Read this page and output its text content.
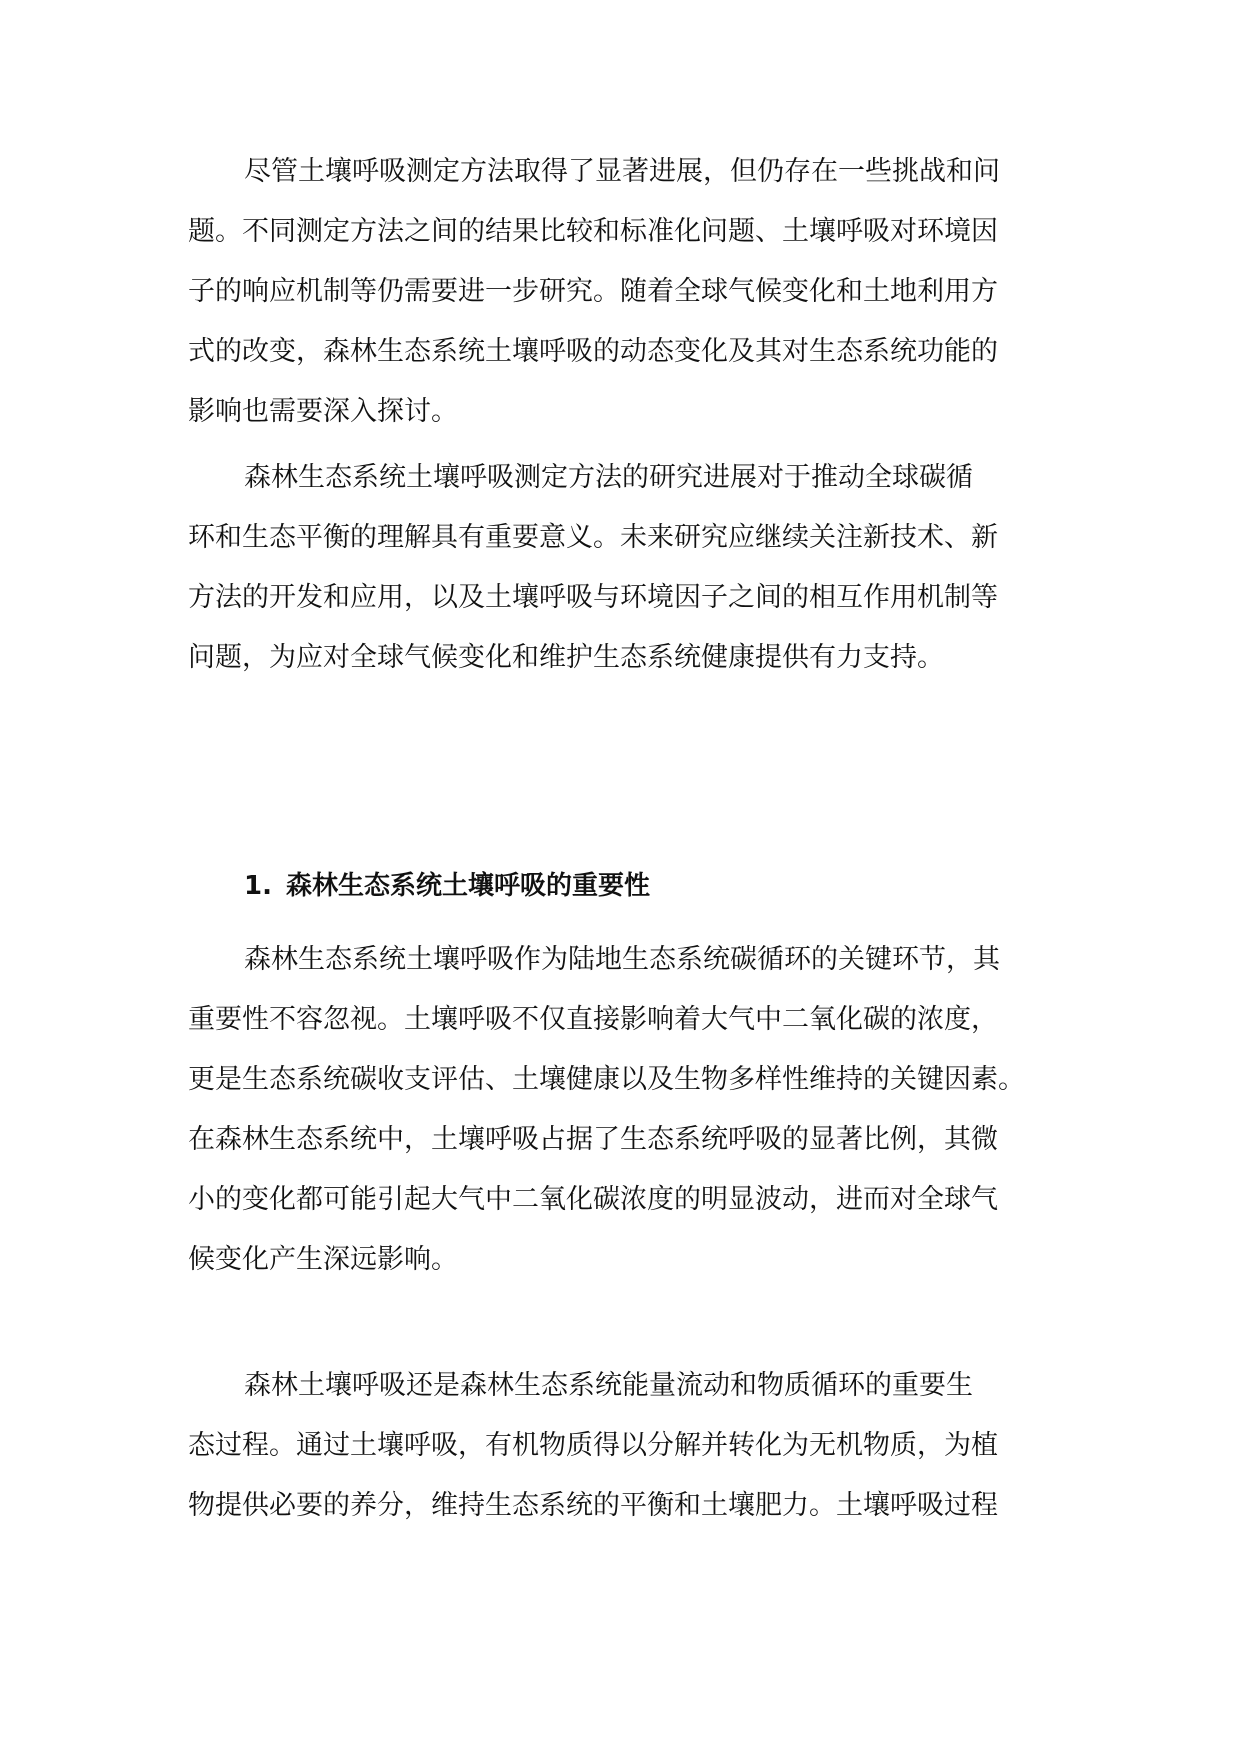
尽管土壤呼吸测定方法取得了显著进展，但仍存在一些挑战和问
题。不同测定方法之间的结果比较和标准化问题、土壤呼吸对环境因
子的响应机制等仍需要进一步研究。随着全球气候变化和土地利用方
式的改变，森林生态系统土壤呼吸的动态变化及其对生态系统功能的
影响也需要深入探讨。
森林生态系统土壤呼吸测定方法的研究进展对于推动全球碳循
环和生态平衡的理解具有重要意义。未来研究应继续关注新技术、新
方法的开发和应用，以及土壤呼吸与环境因子之间的相互作用机制等
问题，为应对全球气候变化和维护生态系统健康提供有力支持。
1. 森林生态系统土壤呼吸的重要性
森林生态系统土壤呼吸作为陆地生态系统碳循环的关键环节，其
重要性不容忽视。土壤呼吸不仅直接影响着大气中二氧化碳的浓度，
更是生态系统碳收支评估、土壤健康以及生物多样性维持的关键因素。
在森林生态系统中，土壤呼吸占据了生态系统呼吸的显著比例，其微
小的变化都可能引起大气中二氧化碳浓度的明显波动，进而对全球气
候变化产生深远影响。
森林土壤呼吸还是森林生态系统能量流动和物质循环的重要生
态过程。通过土壤呼吸，有机物质得以分解并转化为无机物质，为植
物提供必要的养分，维持生态系统的平衡和土壤肥力。土壤呼吸过程
